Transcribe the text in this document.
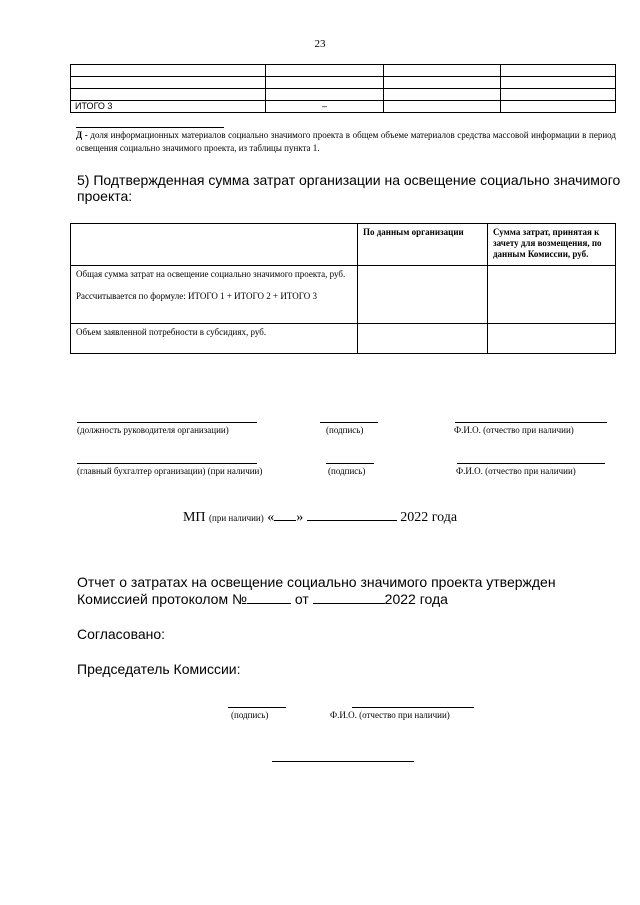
23

ИТОГО 3	–		
Д - доля информационных материалов социально значимого проекта в общем объеме материалов средства массовой информации в период освещения социально значимого проекта, из таблицы пункта 1.
5) Подтвержденная сумма затрат организации на освещение социально значимого проекта:
	По данным организации	Сумма затрат, принятая к зачету для возмещения, по данным Комиссии, руб.
Общая сумма затрат на освещение социально значимого проекта, руб.
Рассчитывается по формуле: ИТОГО 1 + ИТОГО 2 + ИТОГО 3		
Объем заявленной потребности в субсидиях, руб.		
(должность руководителя организации)	(подпись)	Ф.И.О. (отчество при наличии)
(главный бухгалтер организации) (при наличии)	(подпись)	Ф.И.О. (отчество при наличии)
МП (при наличии) « »	2022 года
Отчет о затратах на освещение социально значимого проекта утвержден Комиссией протоколом №	от	2022 года
Согласовано:
Председатель Комиссии:
(подпись)	Ф.И.О. (отчество при наличии)
